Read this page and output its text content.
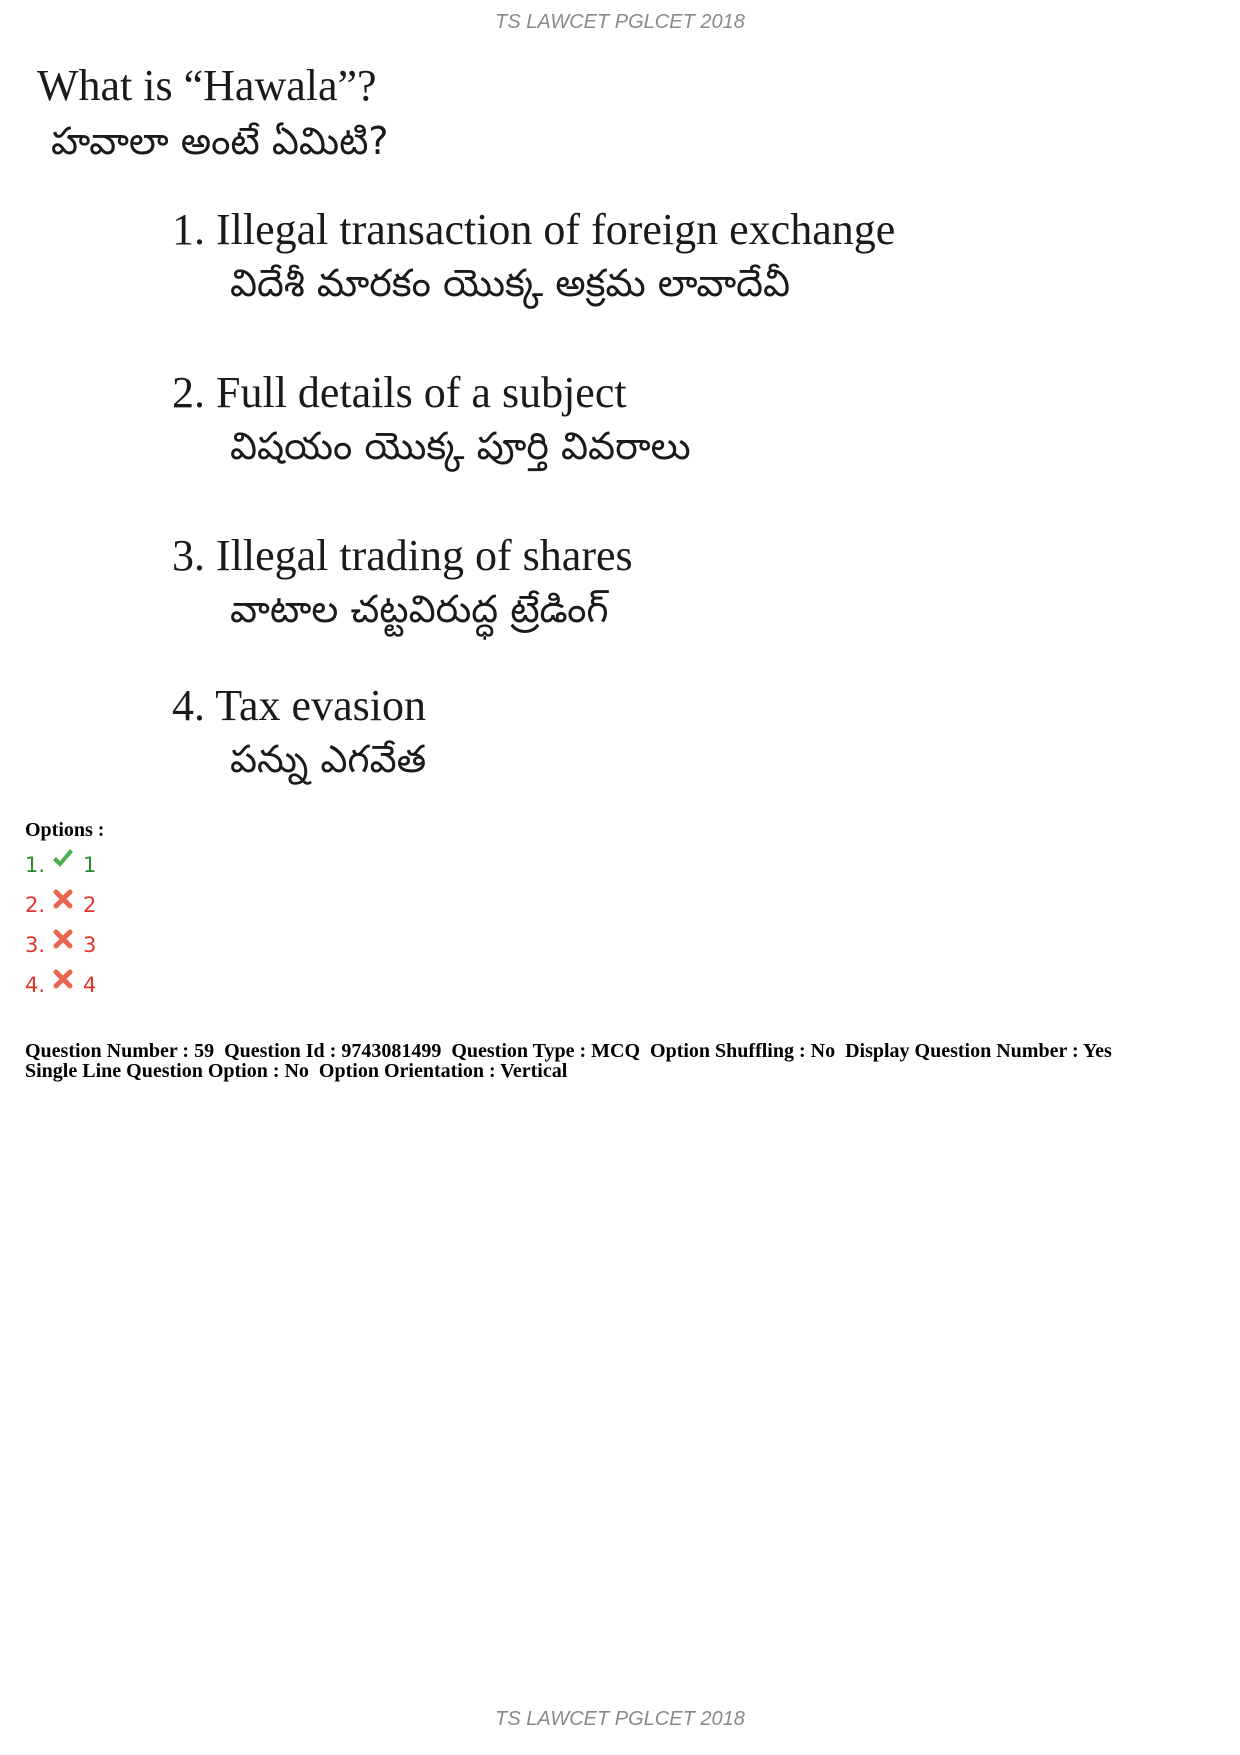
TS LAWCET PGLCET 2018
What is “Hawala”?
హవాలా అంటే ఏమిటి?
1. Illegal transaction of foreign exchange
విదేశీ మారకం యొక్క అక్రమ లావాదేవీ
2. Full details of a subject
విషయం యొక్క పూర్తి వివరాలు
3. Illegal trading of shares
వాటాల చట్టవిరుద్ధ ట్రేడింగ్
4. Tax evasion
పన్ను ఎగవేత
Options :
1. 1
2. 2
3. 3
4. 4
Question Number : 59  Question Id : 9743081499  Question Type : MCQ  Option Shuffling : No  Display Question Number : Yes
Single Line Question Option : No  Option Orientation : Vertical
TS LAWCET PGLCET 2018
